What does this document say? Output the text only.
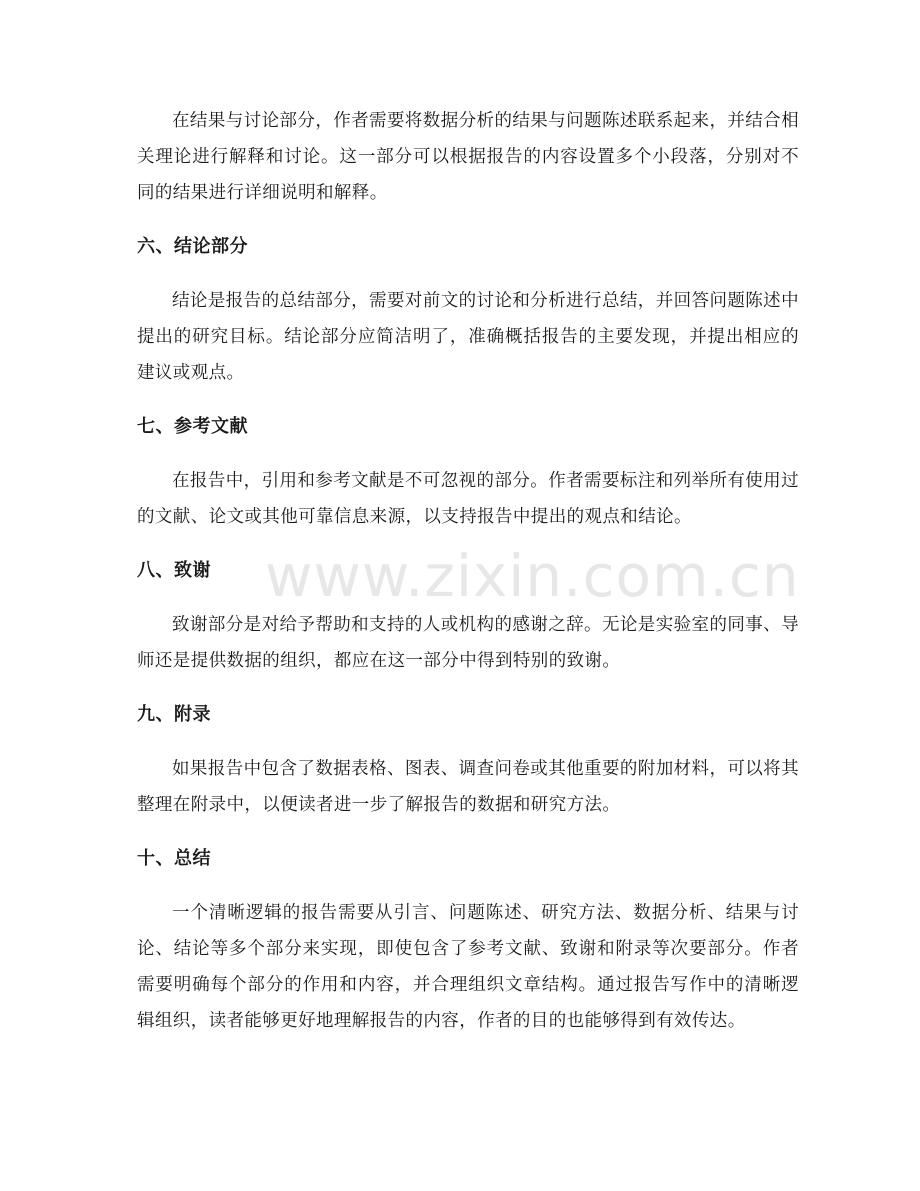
在结果与讨论部分，作者需要将数据分析的结果与问题陈述联系起来，并结合相关理论进行解释和讨论。这一部分可以根据报告的内容设置多个小段落，分别对不同的结果进行详细说明和解释。

六、结论部分

结论是报告的总结部分，需要对前文的讨论和分析进行总结，并回答问题陈述中提出的研究目标。结论部分应简洁明了，准确概括报告的主要发现，并提出相应的建议或观点。

七、参考文献

在报告中，引用和参考文献是不可忽视的部分。作者需要标注和列举所有使用过的文献、论文或其他可靠信息来源，以支持报告中提出的观点和结论。

八、致谢

致谢部分是对给予帮助和支持的人或机构的感谢之辞。无论是实验室的同事、导师还是提供数据的组织，都应在这一部分中得到特别的致谢。

九、附录

如果报告中包含了数据表格、图表、调查问卷或其他重要的附加材料，可以将其整理在附录中，以便读者进一步了解报告的数据和研究方法。

十、总结

一个清晰逻辑的报告需要从引言、问题陈述、研究方法、数据分析、结果与讨论、结论等多个部分来实现，即使包含了参考文献、致谢和附录等次要部分。作者需要明确每个部分的作用和内容，并合理组织文章结构。通过报告写作中的清晰逻辑组织，读者能够更好地理解报告的内容，作者的目的也能够得到有效传达。

www.zixin.com.cn
